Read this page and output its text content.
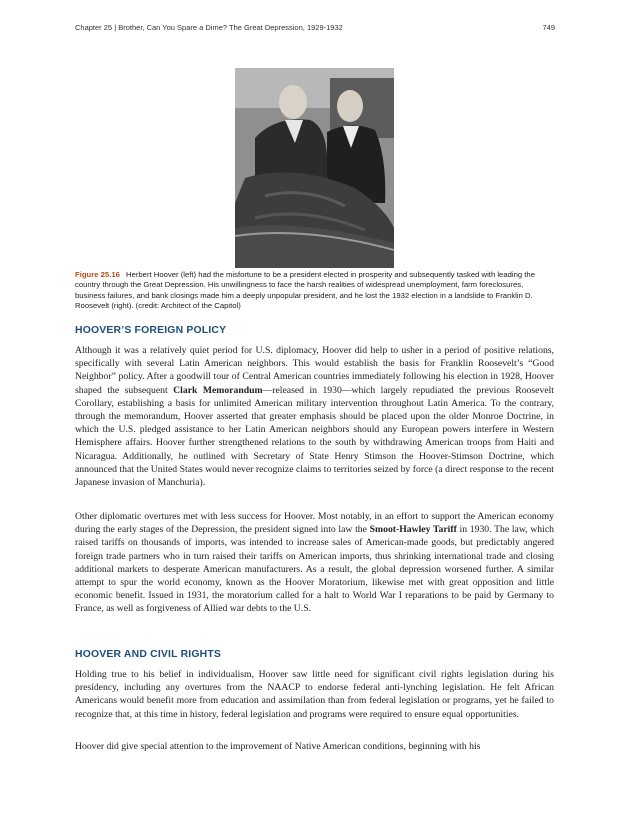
Chapter 25 | Brother, Can You Spare a Dime? The Great Depression, 1929-1932	749
Figure 25.16 Herbert Hoover (left) had the misfortune to be a president elected in prosperity and subsequently tasked with leading the country through the Great Depression. His unwillingness to face the harsh realities of widespread unemployment, farm foreclosures, business failures, and bank closings made him a deeply unpopular president, and he lost the 1932 election in a landslide to Franklin D. Roosevelt (right). (credit: Architect of the Capitol)
HOOVER’S FOREIGN POLICY

Although it was a relatively quiet period for U.S. diplomacy, Hoover did help to usher in a period of positive relations, specifically with several Latin American neighbors. This would establish the basis for Franklin Roosevelt’s “Good Neighbor” policy. After a goodwill tour of Central American countries immediately following his election in 1928, Hoover shaped the subsequent Clark Memorandum—released in 1930—which largely repudiated the previous Roosevelt Corollary, establishing a basis for unlimited American military intervention throughout Latin America. To the contrary, through the memorandum, Hoover asserted that greater emphasis should be placed upon the older Monroe Doctrine, in which the U.S. pledged assistance to her Latin American neighbors should any European powers interfere in Western Hemisphere affairs. Hoover further strengthened relations to the south by withdrawing American troops from Haiti and Nicaragua. Additionally, he outlined with Secretary of State Henry Stimson the Hoover-Stimson Doctrine, which announced that the United States would never recognize claims to territories seized by force (a direct response to the recent Japanese invasion of Manchuria).

Other diplomatic overtures met with less success for Hoover. Most notably, in an effort to support the American economy during the early stages of the Depression, the president signed into law the Smoot-Hawley Tariff in 1930. The law, which raised tariffs on thousands of imports, was intended to increase sales of American-made goods, but predictably angered foreign trade partners who in turn raised their tariffs on American imports, thus shrinking international trade and closing additional markets to desperate American manufacturers. As a result, the global depression worsened further. A similar attempt to spur the world economy, known as the Hoover Moratorium, likewise met with great opposition and little economic benefit. Issued in 1931, the moratorium called for a halt to World War I reparations to be paid by Germany to France, as well as forgiveness of Allied war debts to the U.S.

HOOVER AND CIVIL RIGHTS

Holding true to his belief in individualism, Hoover saw little need for significant civil rights legislation during his presidency, including any overtures from the NAACP to endorse federal anti-lynching legislation. He felt African Americans would benefit more from education and assimilation than from federal legislation or programs, yet he failed to recognize that, at this time in history, federal legislation and programs were required to ensure equal opportunities.

Hoover did give special attention to the improvement of Native American conditions, beginning with his
